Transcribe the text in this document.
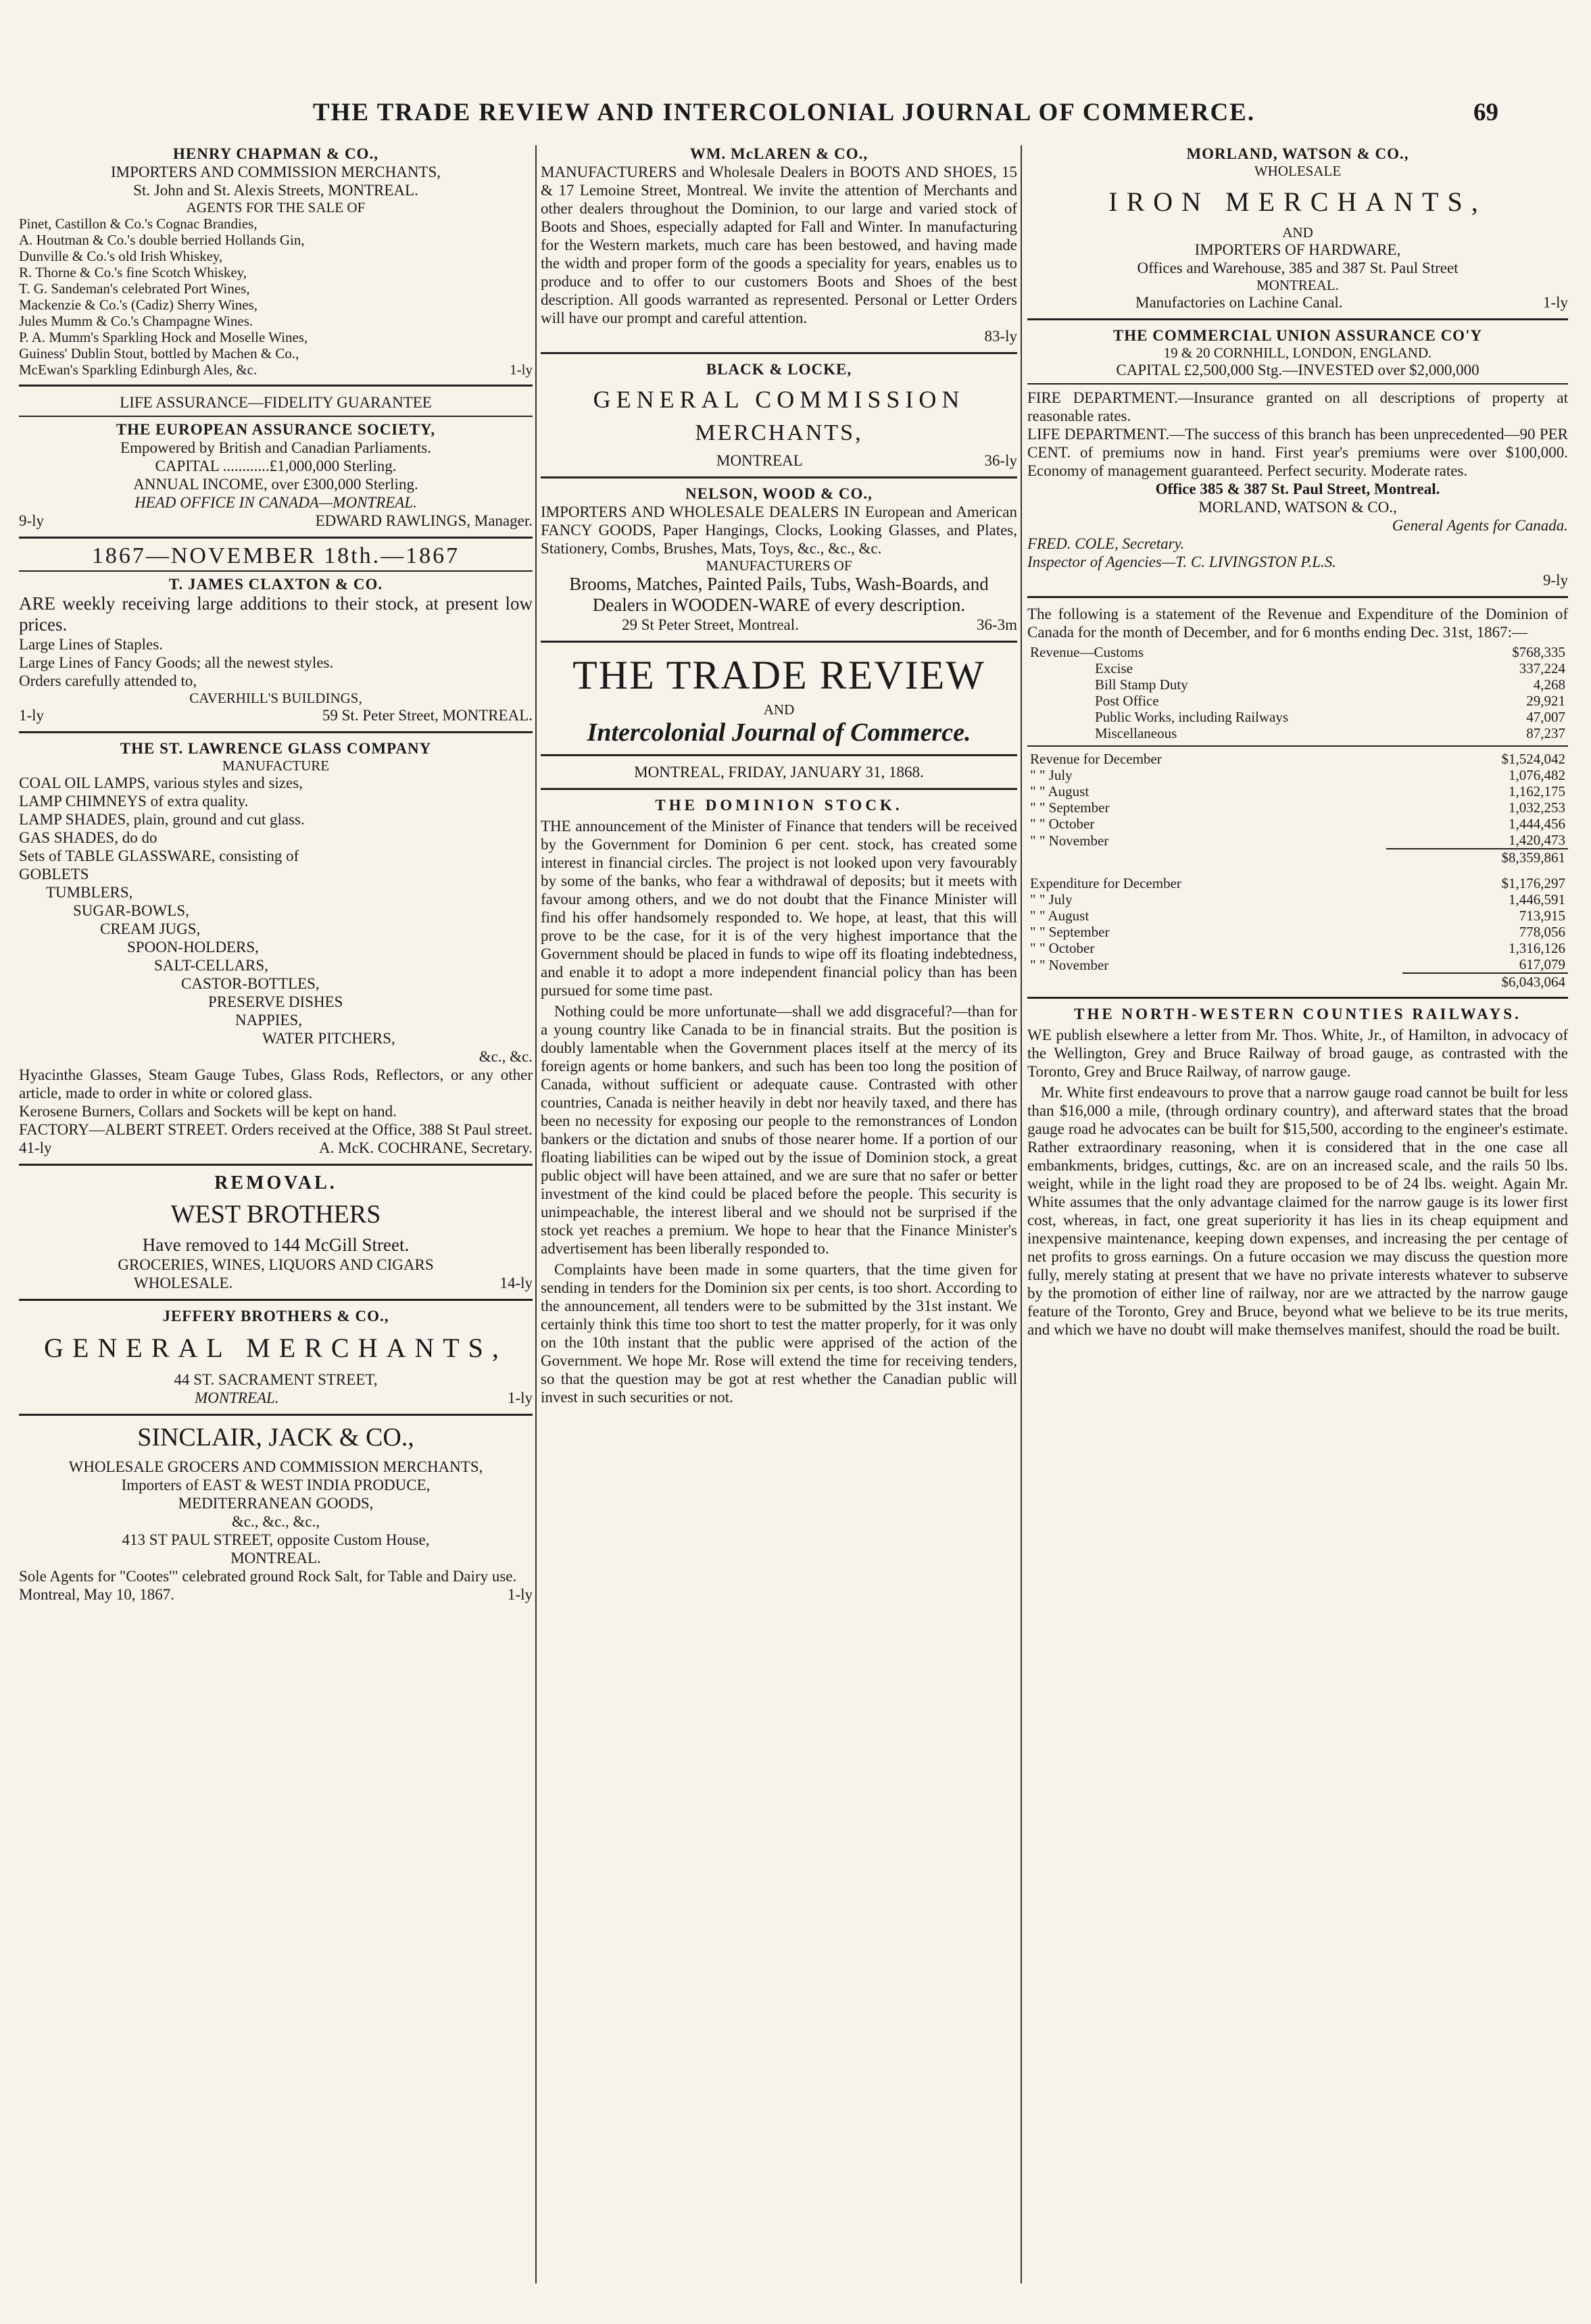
THE TRADE REVIEW AND INTERCOLONIAL JOURNAL OF COMMERCE.	69
HENRY CHAPMAN & CO.,
IMPORTERS AND COMMISSION MERCHANTS,
St. John and St. Alexis Streets, MONTREAL.
AGENTS FOR THE SALE OF
Pinet, Castillon & Co.'s Cognac Brandies,
A. Houtman & Co.'s double berried Hollands Gin,
Dunville & Co.'s old Irish Whiskey,
R. Thorne & Co.'s fine Scotch Whiskey,
T. G. Sandeman's celebrated Port Wines,
Mackenzie & Co.'s (Cadiz) Sherry Wines,
Jules Mumm & Co.'s Champagne Wines.
P. A. Mumm's Sparkling Hock and Moselle Wines,
Guiness' Dublin Stout, bottled by Machen & Co.,
McEwan's Sparkling Edinburgh Ales, &c.	1-ly
LIFE ASSURANCE—FIDELITY GUARANTEE
THE EUROPEAN ASSURANCE SOCIETY,
Empowered by British and Canadian Parliaments.
CAPITAL ............£1,000,000 Sterling.
ANNUAL INCOME, over £300,000 Sterling.
HEAD OFFICE IN CANADA—MONTREAL.
9-ly	EDWARD RAWLINGS, Manager.
1867—NOVEMBER 18th.—1867
T. JAMES CLAXTON & CO.
ARE weekly receiving large additions to their stock, at present low prices.
Large Lines of Staples.
Large Lines of Fancy Goods; all the newest styles.
Orders carefully attended to,
CAVERHILL'S BUILDINGS,
1-ly	59 St. Peter Street, MONTREAL.
THE ST. LAWRENCE GLASS COMPANY
MANUFACTURE
COAL OIL LAMPS, various styles and sizes,
LAMP CHIMNEYS of extra quality.
LAMP SHADES, plain, ground and cut glass.
GAS SHADES, do do
Sets of TABLE GLASSWARE, consisting of
GOBLETS
TUMBLERS,
SUGAR-BOWLS,
CREAM JUGS,
SPOON-HOLDERS,
SALT-CELLARS,
CASTOR-BOTTLES,
PRESERVE DISHES
NAPPIES,
WATER PITCHERS,
&c., &c.
Hyacinthe Glasses, Steam Gauge Tubes, Glass Rods, Reflectors, or any other article, made to order in white or colored glass.
Kerosene Burners, Collars and Sockets will be kept on hand.
FACTORY—ALBERT STREET. Orders received at the Office, 388 St Paul street.
41-ly	A. McK. COCHRANE, Secretary.
REMOVAL.
WEST BROTHERS
Have removed to 144 McGill Street.
GROCERIES, WINES, LIQUORS AND CIGARS
WHOLESALE.	14-ly
JEFFERY BROTHERS & CO.,
GENERAL MERCHANTS,
44 ST. SACRAMENT STREET,
MONTREAL.	1-ly
SINCLAIR, JACK & CO.,
WHOLESALE GROCERS AND COMMISSION MERCHANTS,
Importers of EAST & WEST INDIA PRODUCE,
MEDITERRANEAN GOODS,
&c., &c., &c.,
413 ST PAUL STREET, opposite Custom House,
MONTREAL.
Sole Agents for "Cootes'" celebrated ground Rock Salt, for Table and Dairy use.
Montreal, May 10, 1867.	1-ly
WM. McLAREN & CO.,
MANUFACTURERS and Wholesale Dealers in BOOTS AND SHOES, 15 & 17 Lemoine Street, Montreal. We invite the attention of Merchants and other dealers throughout the Dominion, to our large and varied stock of Boots and Shoes, especially adapted for Fall and Winter. In manufacturing for the Western markets, much care has been bestowed, and having made the width and proper form of the goods a speciality for years, enables us to produce and to offer to our customers Boots and Shoes of the best description. All goods warranted as represented. Personal or Letter Orders will have our prompt and careful attention.
83-ly
BLACK & LOCKE,
GENERAL COMMISSION
MERCHANTS,
MONTREAL	36-ly
NELSON, WOOD & CO.,
IMPORTERS AND WHOLESALE DEALERS IN European and American FANCY GOODS, Paper Hangings, Clocks, Looking Glasses, and Plates, Stationery, Combs, Brushes, Mats, Toys, &c., &c., &c.
MANUFACTURERS OF
Brooms, Matches, Painted Pails, Tubs, Wash-Boards, and Dealers in WOODEN-WARE of every description.
29 St Peter Street, Montreal.	36-3m
THE TRADE REVIEW
AND
Intercolonial Journal of Commerce.
MONTREAL, FRIDAY, JANUARY 31, 1868.
THE DOMINION STOCK.

THE announcement of the Minister of Finance that tenders will be received by the Government for Dominion 6 per cent. stock, has created some interest in financial circles. The project is not looked upon very favourably by some of the banks, who fear a withdrawal of deposits; but it meets with favour among others, and we do not doubt that the Finance Minister will find his offer handsomely responded to. We hope, at least, that this will prove to be the case, for it is of the very highest importance that the Government should be placed in funds to wipe off its floating indebtedness, and enable it to adopt a more independent financial policy than has been pursued for some time past.

Nothing could be more unfortunate—shall we add disgraceful?—than for a young country like Canada to be in financial straits. But the position is doubly lamentable when the Government places itself at the mercy of its foreign agents or home bankers, and such has been too long the position of Canada, without sufficient or adequate cause. Contrasted with other countries, Canada is neither heavily in debt nor heavily taxed, and there has been no necessity for exposing our people to the remonstrances of London bankers or the dictation and snubs of those nearer home. If a portion of our floating liabilities can be wiped out by the issue of Dominion stock, a great public object will have been attained, and we are sure that no safer or better investment of the kind could be placed before the people. This security is unimpeachable, the interest liberal and we should not be surprised if the stock yet reaches a premium. We hope to hear that the Finance Minister's advertisement has been liberally responded to.

Complaints have been made in some quarters, that the time given for sending in tenders for the Dominion six per cents, is too short. According to the announcement, all tenders were to be submitted by the 31st instant. We certainly think this time too short to test the matter properly, for it was only on the 10th instant that the public were apprised of the action of the Government. We hope Mr. Rose will extend the time for receiving tenders, so that the question may be got at rest whether the Canadian public will invest in such securities or not.

MORLAND, WATSON & CO.,
WHOLESALE
IRON MERCHANTS,
AND
IMPORTERS OF HARDWARE,
Offices and Warehouse, 385 and 387 St. Paul Street
MONTREAL.
Manufactories on Lachine Canal.	1-ly
THE COMMERCIAL UNION ASSURANCE CO'Y
19 & 20 CORNHILL, LONDON, ENGLAND.
CAPITAL £2,500,000 Stg.—INVESTED over $2,000,000
FIRE DEPARTMENT.—Insurance granted on all descriptions of property at reasonable rates.
LIFE DEPARTMENT.—The success of this branch has been unprecedented—90 PER CENT. of premiums now in hand. First year's premiums were over $100,000. Economy of management guaranteed. Perfect security. Moderate rates.
Office 385 & 387 St. Paul Street, Montreal.
MORLAND, WATSON & CO.,
General Agents for Canada.
FRED. COLE, Secretary.
Inspector of Agencies—T. C. LIVINGSTON P.L.S.
9-ly

The following is a statement of the Revenue and Expenditure of the Dominion of Canada for the month of December, and for 6 months ending Dec. 31st, 1867:—

Revenue—Customs	$768,335
Excise	337,224
Bill Stamp Duty	4,268
Post Office	29,921
Public Works, including Railways	47,007
Miscellaneous	87,237
Revenue for December	$1,524,042
" " July	1,076,482
" " August	1,162,175
" " September	1,032,253
" " October	1,444,456
" " November	1,420,473
	$8,359,861
Expenditure for December	$1,176,297
" " July	1,446,591
" " August	713,915
" " September	778,056
" " October	1,316,126
" " November	617,079
	$6,043,064
THE NORTH-WESTERN COUNTIES RAILWAYS.

WE publish elsewhere a letter from Mr. Thos. White, Jr., of Hamilton, in advocacy of the Wellington, Grey and Bruce Railway of broad gauge, as contrasted with the Toronto, Grey and Bruce Railway, of narrow gauge.

Mr. White first endeavours to prove that a narrow gauge road cannot be built for less than $16,000 a mile, (through ordinary country), and afterward states that the broad gauge road he advocates can be built for $15,500, according to the engineer's estimate. Rather extraordinary reasoning, when it is considered that in the one case all embankments, bridges, cuttings, &c. are on an increased scale, and the rails 50 lbs. weight, while in the light road they are proposed to be of 24 lbs. weight. Again Mr. White assumes that the only advantage claimed for the narrow gauge is its lower first cost, whereas, in fact, one great superiority it has lies in its cheap equipment and inexpensive maintenance, keeping down expenses, and increasing the per centage of net profits to gross earnings. On a future occasion we may discuss the question more fully, merely stating at present that we have no private interests whatever to subserve by the promotion of either line of railway, nor are we attracted by the narrow gauge feature of the Toronto, Grey and Bruce, beyond what we believe to be its true merits, and which we have no doubt will make themselves manifest, should the road be built.
